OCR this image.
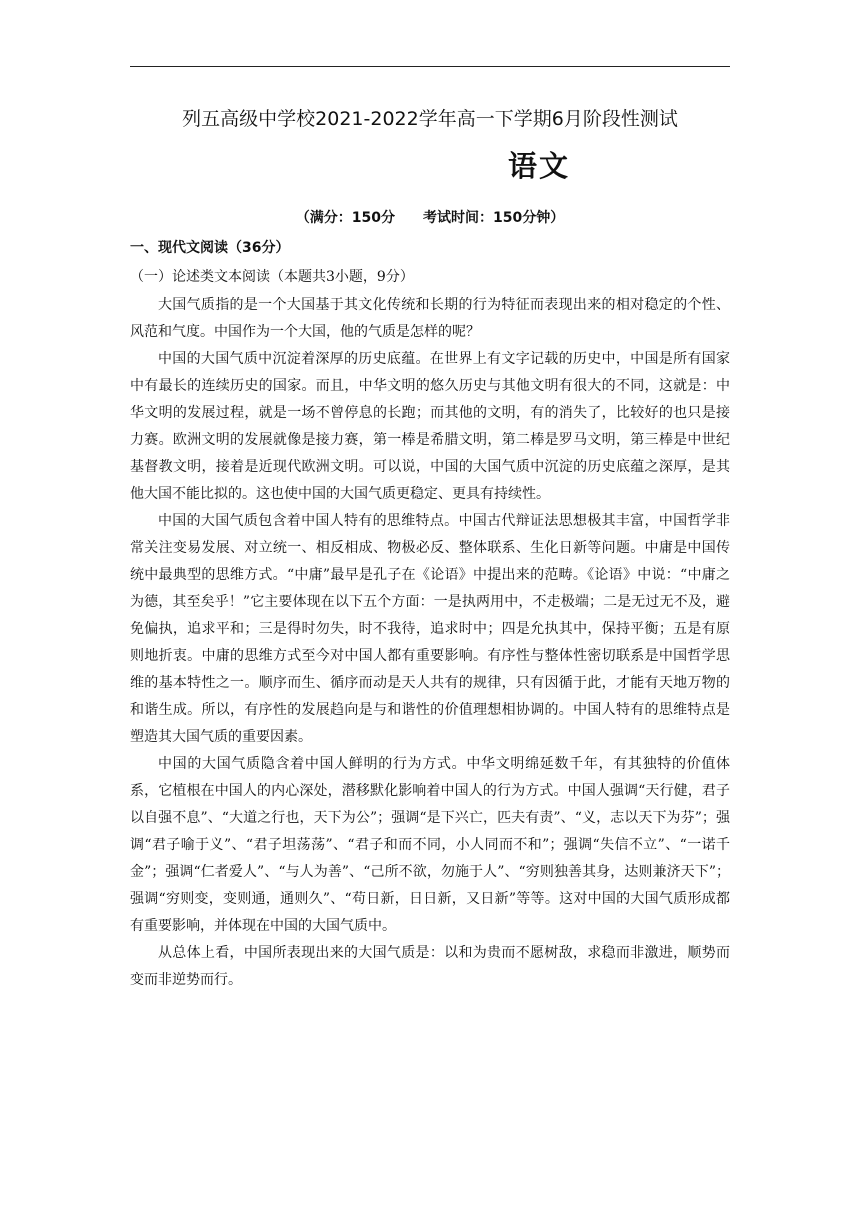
列五高级中学校2021-2022学年高一下学期6月阶段性测试
语文
（满分：150分　　考试时间：150分钟）
一、现代文阅读（36分）
（一）论述类文本阅读（本题共3小题，9分）

大国气质指的是一个大国基于其文化传统和长期的行为特征而表现出来的相对稳定的个性、风范和气度。中国作为一个大国，他的气质是怎样的呢？

中国的大国气质中沉淀着深厚的历史底蕴。在世界上有文字记载的历史中，中国是所有国家中有最长的连续历史的国家。而且，中华文明的悠久历史与其他文明有很大的不同，这就是：中华文明的发展过程，就是一场不曾停息的长跑；而其他的文明，有的消失了，比较好的也只是接力赛。欧洲文明的发展就像是接力赛，第一棒是希腊文明，第二棒是罗马文明，第三棒是中世纪基督教文明，接着是近现代欧洲文明。可以说，中国的大国气质中沉淀的历史底蕴之深厚，是其他大国不能比拟的。这也使中国的大国气质更稳定、更具有持续性。

中国的大国气质包含着中国人特有的思维特点。中国古代辩证法思想极其丰富，中国哲学非常关注变易发展、对立统一、相反相成、物极必反、整体联系、生化日新等问题。中庸是中国传统中最典型的思维方式。“中庸”最早是孔子在《论语》中提出来的范畴。《论语》中说：“中庸之为德，其至矣乎！”它主要体现在以下五个方面：一是执两用中，不走极端；二是无过无不及，避免偏执，追求平和；三是得时勿失，时不我待，追求时中；四是允执其中，保持平衡；五是有原则地折衷。中庸的思维方式至今对中国人都有重要影响。有序性与整体性密切联系是中国哲学思维的基本特性之一。顺序而生、循序而动是天人共有的规律，只有因循于此，才能有天地万物的和谐生成。所以，有序性的发展趋向是与和谐性的价值理想相协调的。中国人特有的思维特点是塑造其大国气质的重要因素。

中国的大国气质隐含着中国人鲜明的行为方式。中华文明绵延数千年，有其独特的价值体系，它植根在中国人的内心深处，潜移默化影响着中国人的行为方式。中国人强调“天行健，君子以自强不息”、“大道之行也，天下为公”；强调“是下兴亡，匹夫有责”、“义，志以天下为芬”；强调“君子喻于义”、“君子坦荡荡”、“君子和而不同，小人同而不和”；强调“失信不立”、“一诺千金”；强调“仁者爱人”、“与人为善”、“己所不欲，勿施于人”、“穷则独善其身，达则兼济天下”；强调“穷则变，变则通，通则久”、“苟日新，日日新，又日新”等等。这对中国的大国气质形成都有重要影响，并体现在中国的大国气质中。

从总体上看，中国所表现出来的大国气质是：以和为贵而不愿树敌，求稳而非激进，顺势而变而非逆势而行。
